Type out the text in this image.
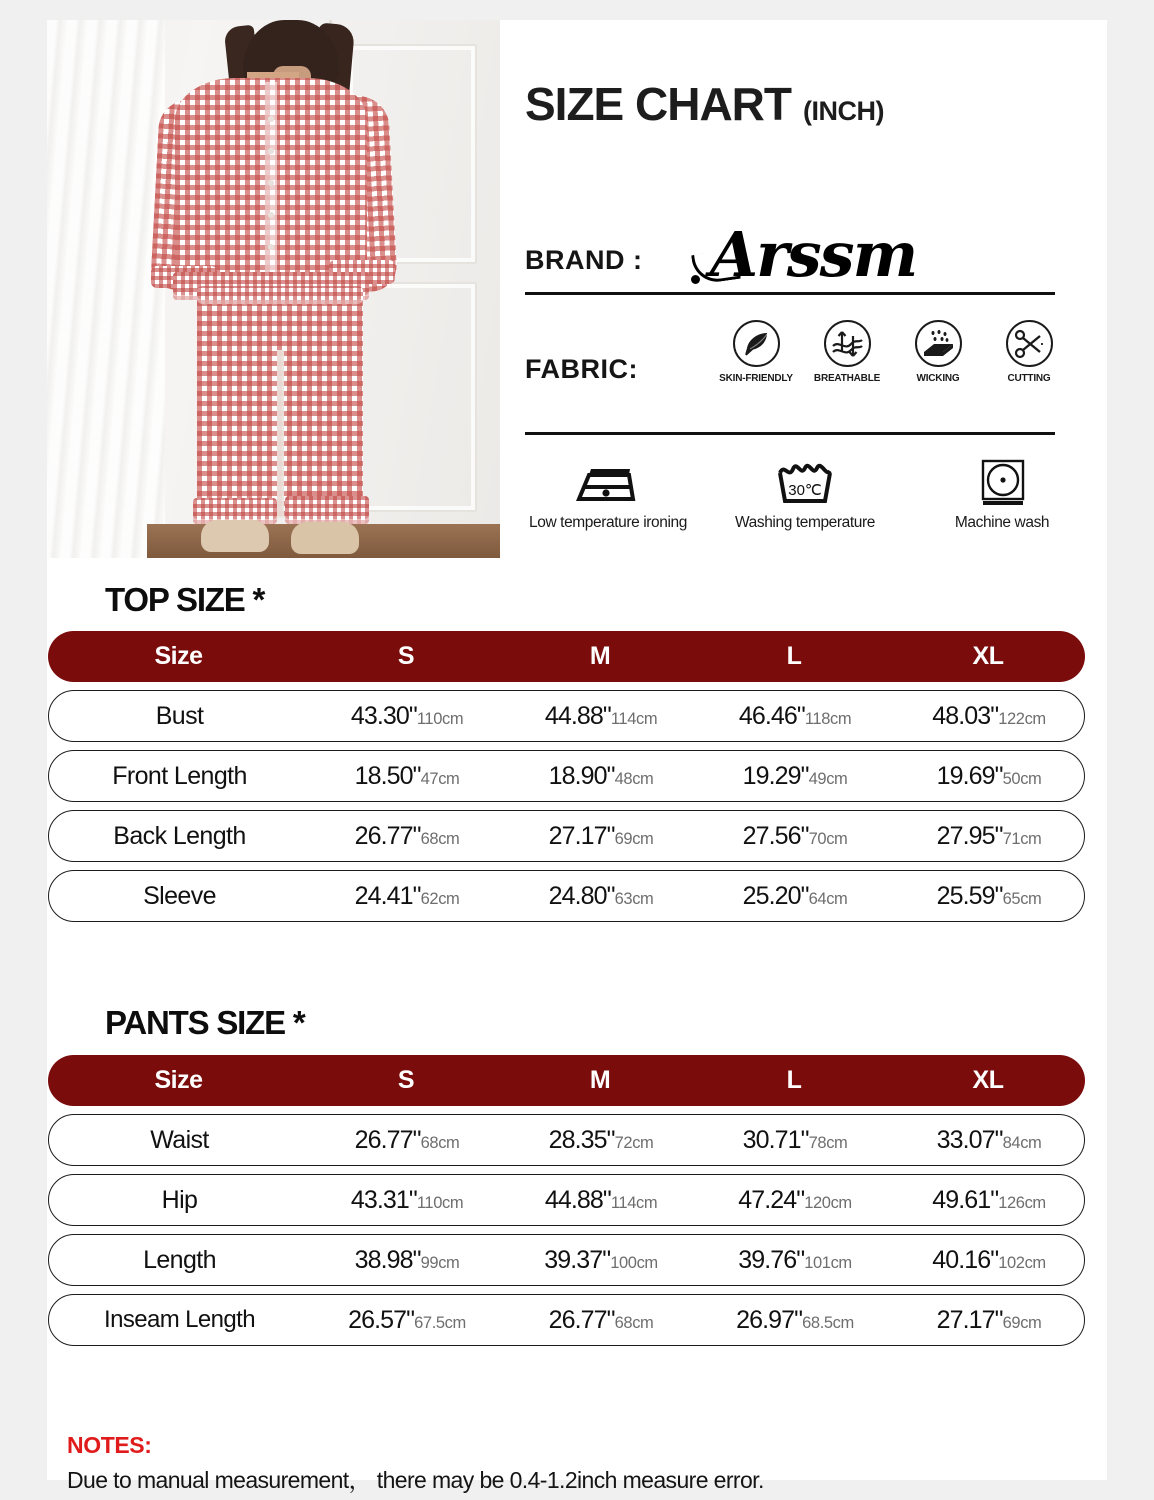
SIZE CHART (INCH)
BRAND : Arssm
FABRIC:	SKIN-FRIENDLY	BREATHABLE	WICKING	CUTTING
Low temperature ironing
30℃
Washing temperature	Machine wash
TOP SIZE *
Size	S	M	L	XL
Bust	43.30"110cm	44.88"114cm	46.46"118cm	48.03"122cm
Front Length	18.50"47cm	18.90"48cm	19.29"49cm	19.69"50cm
Back Length	26.77"68cm	27.17"69cm	27.56"70cm	27.95"71cm
Sleeve	24.41"62cm	24.80"63cm	25.20"64cm	25.59"65cm
PANTS SIZE *
Size	S	M	L	XL
Waist	26.77"68cm	28.35"72cm	30.71"78cm	33.07"84cm
Hip	43.31"110cm	44.88"114cm	47.24"120cm	49.61"126cm
Length	38.98"99cm	39.37"100cm	39.76"101cm	40.16"102cm
Inseam Length	26.57"67.5cm	26.77"68cm	26.97"68.5cm	27.17"69cm
NOTES:
Due to manual measurement， there may be 0.4-1.2inch measure error.
